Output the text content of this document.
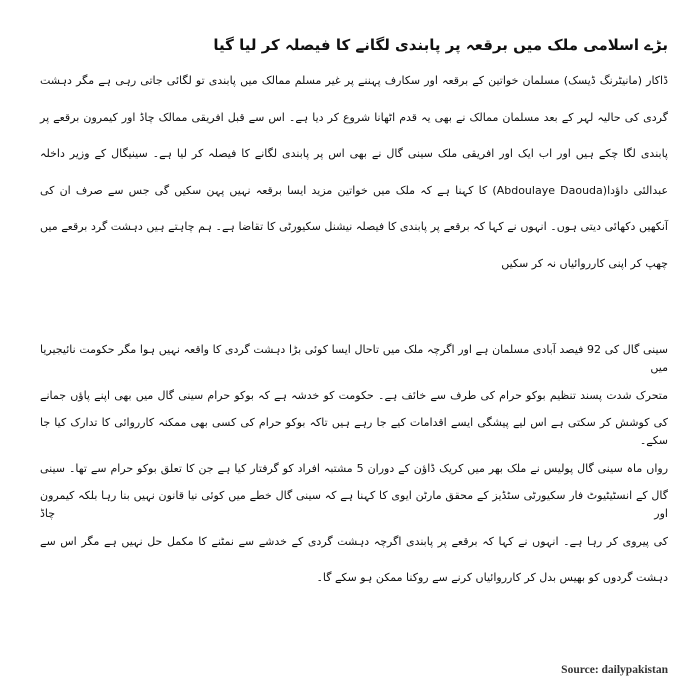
بڑے اسلامی ملک میں برقعہ پر پابندی لگانے کا فیصلہ کر لیا گیا
ڈاکار (مانیٹرنگ ڈیسک) مسلمان خواتین کے برقعہ اور سکارف پہننے پر غیر مسلم ممالک میں پابندی تو لگائی جاتی رہی ہے مگر دہشت
گردی کی حالیہ لہر کے بعد مسلمان ممالک نے بھی یہ قدم اٹھانا شروع کر دیا ہے۔ اس سے قبل افریقی ممالک چاڈ اور کیمرون برقعے پر
پابندی لگا چکے ہیں اور اب ایک اور افریقی ملک سینی گال نے بھی اس پر پابندی لگانے کا فیصلہ کر لیا ہے۔ سینیگال کے وزیر داخلہ
عبدالئی داؤدا(Abdoulaye Daouda) کا کہنا ہے کہ ملک میں خواتین مزید ایسا برقعہ نہیں پہن سکیں گی جس سے صرف ان کی
آنکھیں دکھائی دیتی ہوں۔ انہوں نے کہا کہ برقعے پر پابندی کا فیصلہ نیشنل سکیورٹی کا تقاضا ہے۔ ہم چاہتے ہیں دہشت گرد برقعے میں
چھپ کر اپنی کارروائیاں نہ کر سکیں
سینی گال کی 92 فیصد آبادی مسلمان ہے اور اگرچہ ملک میں تاحال ایسا کوئی بڑا دہشت گردی کا واقعہ نہیں ہوا مگر حکومت نائیجیریا میں
متحرک شدت پسند تنظیم بوکو حرام کی طرف سے خائف ہے۔ حکومت کو خدشہ ہے کہ بوکو حرام سینی گال میں بھی اپنے پاؤں جمانے
کی کوشش کر سکتی ہے اس لیے پیشگی ایسے اقدامات کیے جا رہے ہیں تاکہ بوکو حرام کی کسی بھی ممکنہ کارروائی کا تدارک کیا جا سکے۔
رواں ماہ سینی گال پولیس نے ملک بھر میں کریک ڈاؤن کے دوران 5 مشتبہ افراد کو گرفتار کیا ہے جن کا تعلق بوکو حرام سے تھا۔ سینی
گال کے انسٹیٹیوٹ فار سکیورٹی سٹڈیز کے محقق مارٹن ایوی کا کہنا ہے کہ سینی گال خطے میں کوئی نیا قانون نہیں بنا رہا بلکہ کیمرون اور چاڈ
کی پیروی کر رہا ہے۔ انہوں نے کہا کہ برقعے پر پابندی اگرچہ دہشت گردی کے خدشے سے نمٹنے کا مکمل حل نہیں ہے مگر اس سے
دہشت گردوں کو بھیس بدل کر کارروائیاں کرنے سے روکنا ممکن ہو سکے گا۔
Source: dailypakistan
